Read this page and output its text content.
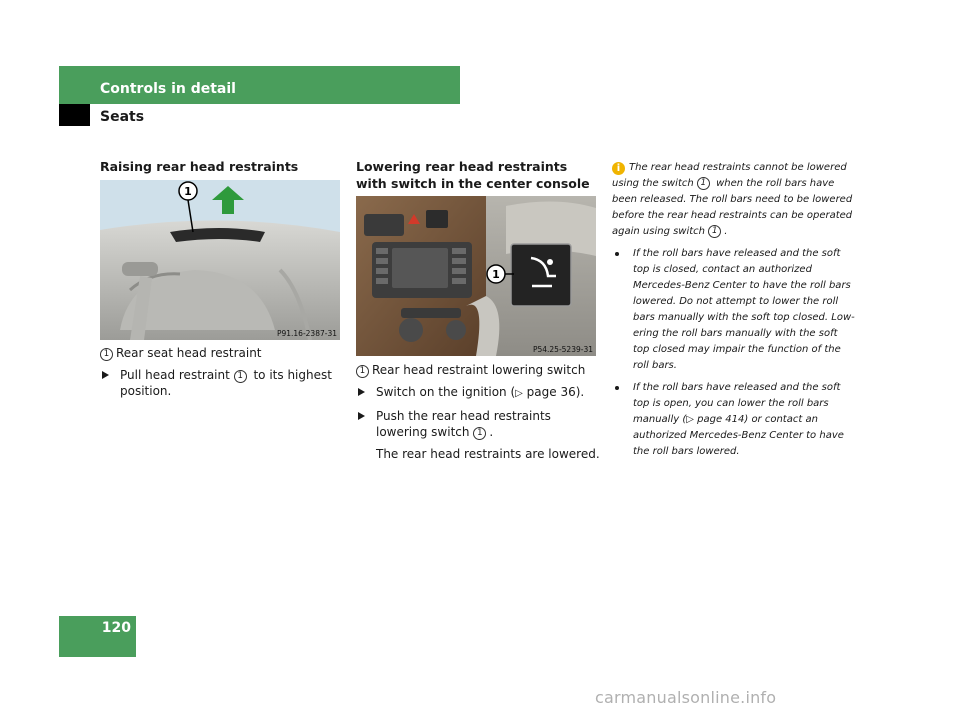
Controls in detail
Seats
Raising rear head restraints
1
P91.16-2387-31
1 Rear seat head restraint
Pull head restraint 1 to its highest position.
Lowering rear head restraints with switch in the center console
1
P54.25-5239-31
1 Rear head restraint lowering switch
Switch on the ignition (▷ page 36).
Push the rear head restraints lowering switch 1 .
The rear head restraints are lowered.
i The rear head restraints cannot be lowered using the switch 1 when the roll bars have been released. The roll bars need to be lowered before the rear head restraints can be operated again using switch 1 .
If the roll bars have released and the soft top is closed, contact an authorized Mercedes-Benz Center to have the roll bars lowered. Do not attempt to lower the roll bars manually with the soft top closed. Low-ering the roll bars manually with the soft top closed may impair the function of the roll bars.
If the roll bars have released and the soft top is open, you can lower the roll bars manually (▷ page 414) or contact an authorized Mercedes-Benz Center to have the roll bars lowered.
120
carmanualsonline.info
